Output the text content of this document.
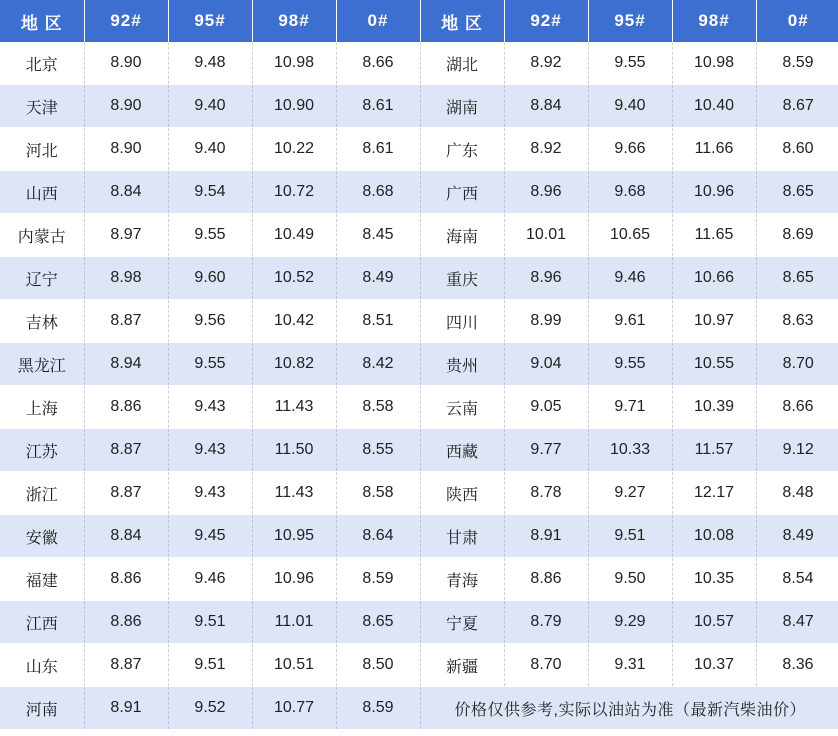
地 区	92#	95#	98#	0#	地 区	92#	95#	98#	0#
北京	8.90	9.48	10.98	8.66	湖北	8.92	9.55	10.98	8.59
天津	8.90	9.40	10.90	8.61	湖南	8.84	9.40	10.40	8.67
河北	8.90	9.40	10.22	8.61	广东	8.92	9.66	11.66	8.60
山西	8.84	9.54	10.72	8.68	广西	8.96	9.68	10.96	8.65
内蒙古	8.97	9.55	10.49	8.45	海南	10.01	10.65	11.65	8.69
辽宁	8.98	9.60	10.52	8.49	重庆	8.96	9.46	10.66	8.65
吉林	8.87	9.56	10.42	8.51	四川	8.99	9.61	10.97	8.63
黑龙江	8.94	9.55	10.82	8.42	贵州	9.04	9.55	10.55	8.70
上海	8.86	9.43	11.43	8.58	云南	9.05	9.71	10.39	8.66
江苏	8.87	9.43	11.50	8.55	西藏	9.77	10.33	11.57	9.12
浙江	8.87	9.43	11.43	8.58	陕西	8.78	9.27	12.17	8.48
安徽	8.84	9.45	10.95	8.64	甘肃	8.91	9.51	10.08	8.49
福建	8.86	9.46	10.96	8.59	青海	8.86	9.50	10.35	8.54
江西	8.86	9.51	11.01	8.65	宁夏	8.79	9.29	10.57	8.47
山东	8.87	9.51	10.51	8.50	新疆	8.70	9.31	10.37	8.36
河南	8.91	9.52	10.77	8.59	价格仅供参考,实际以油站为准（最新汽柴油价）				
